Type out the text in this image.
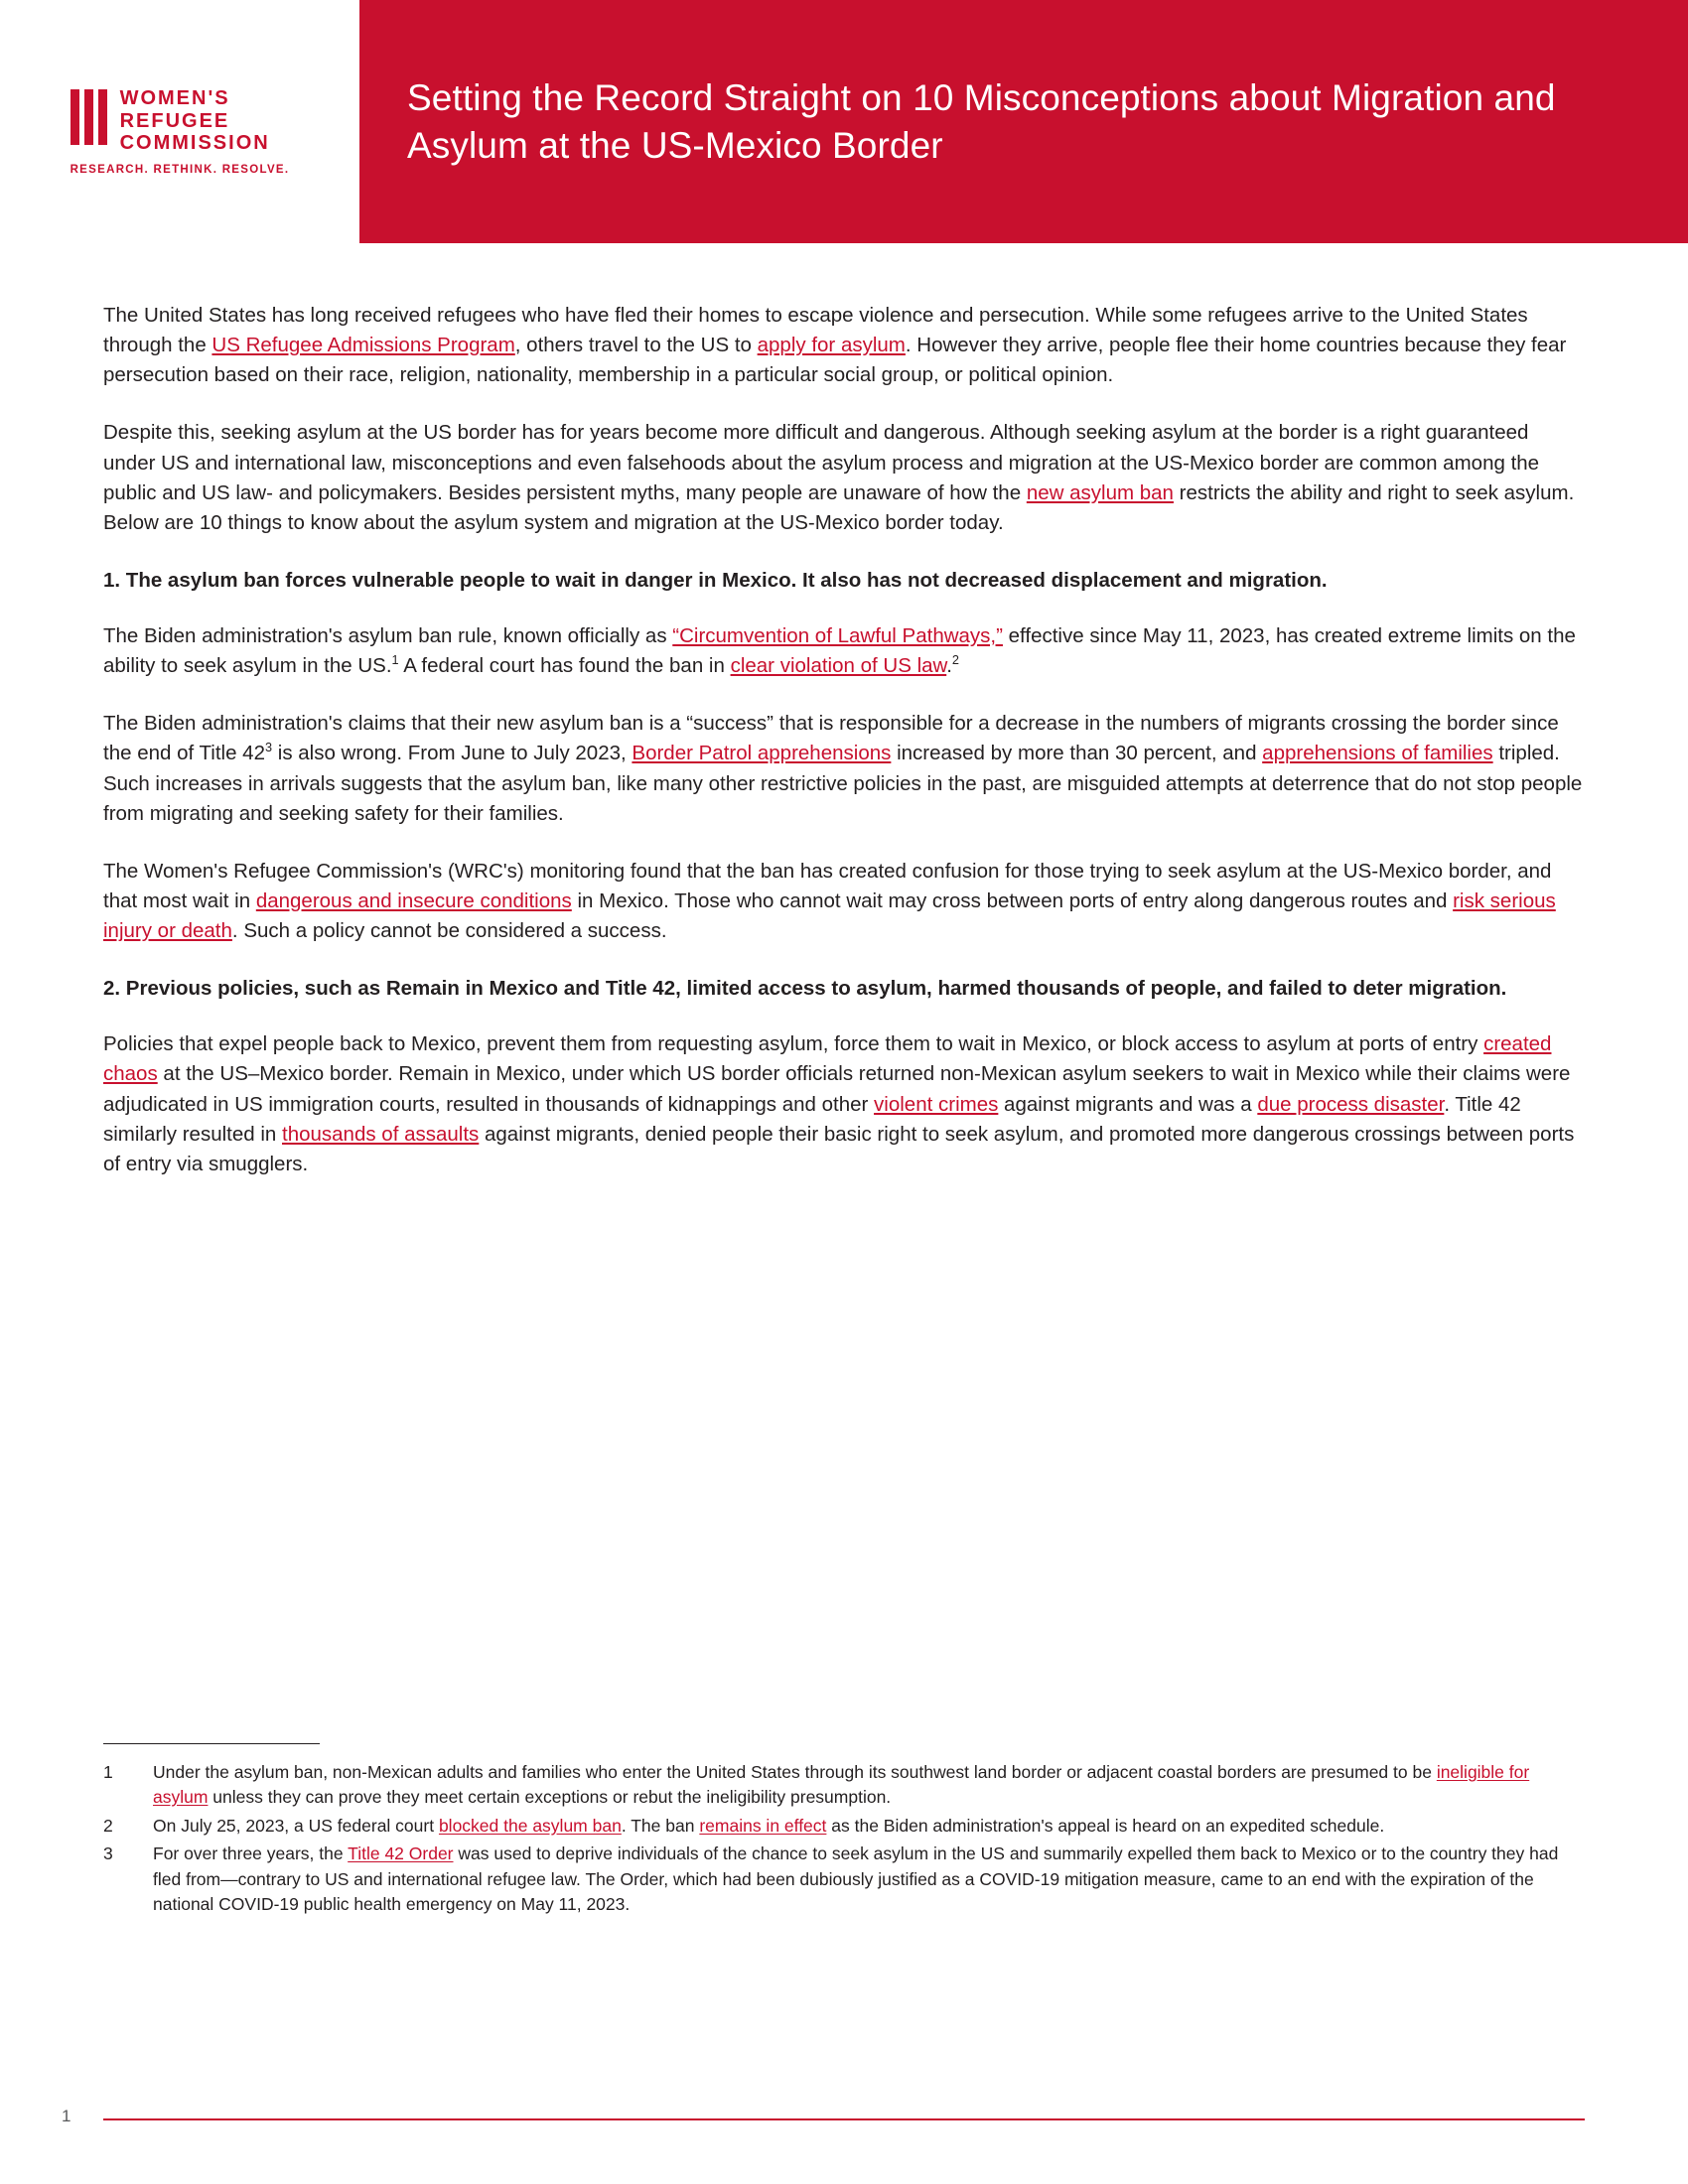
WOMEN'S
REFUGEE
COMMISSION
RESEARCH. RETHINK. RESOLVE.
Setting the Record Straight on 10 Misconceptions about Migration and Asylum at the US-Mexico Border

The United States has long received refugees who have fled their homes to escape violence and persecution. While some refugees arrive to the United States through the US Refugee Admissions Program, others travel to the US to apply for asylum. However they arrive, people flee their home countries because they fear persecution based on their race, religion, nationality, membership in a particular social group, or political opinion.

Despite this, seeking asylum at the US border has for years become more difficult and dangerous. Although seeking asylum at the border is a right guaranteed under US and international law, misconceptions and even falsehoods about the asylum process and migration at the US-Mexico border are common among the public and US law- and policymakers. Besides persistent myths, many people are unaware of how the new asylum ban restricts the ability and right to seek asylum. Below are 10 things to know about the asylum system and migration at the US-Mexico border today.

1. The asylum ban forces vulnerable people to wait in danger in Mexico. It also has not decreased displacement and migration.

The Biden administration's asylum ban rule, known officially as “Circumvention of Lawful Pathways,” effective since May 11, 2023, has created extreme limits on the ability to seek asylum in the US.$^1$ A federal court has found the ban in clear violation of US law.$^2$

The Biden administration's claims that their new asylum ban is a “success” that is responsible for a decrease in the numbers of migrants crossing the border since the end of Title $42^3$ is also wrong. From June to July 2023, Border Patrol apprehensions increased by more than 30 percent, and apprehensions of families tripled. Such increases in arrivals suggests that the asylum ban, like many other restrictive policies in the past, are misguided attempts at deterrence that do not stop people from migrating and seeking safety for their families.

The Women's Refugee Commission's (WRC's) monitoring found that the ban has created confusion for those trying to seek asylum at the US-Mexico border, and that most wait in dangerous and insecure conditions in Mexico. Those who cannot wait may cross between ports of entry along dangerous routes and risk serious injury or death. Such a policy cannot be considered a success.

2. Previous policies, such as Remain in Mexico and Title 42, limited access to asylum, harmed thousands of people, and failed to deter migration.

Policies that expel people back to Mexico, prevent them from requesting asylum, force them to wait in Mexico, or block access to asylum at ports of entry created chaos at the US–Mexico border. Remain in Mexico, under which US border officials returned non-Mexican asylum seekers to wait in Mexico while their claims were adjudicated in US immigration courts, resulted in thousands of kidnappings and other violent crimes against migrants and was a due process disaster. Title 42 similarly resulted in thousands of assaults against migrants, denied people their basic right to seek asylum, and promoted more dangerous crossings between ports of entry via smugglers.

1	Under the asylum ban, non-Mexican adults and families who enter the United States through its southwest land border or adjacent coastal borders are presumed to be ineligible for asylum unless they can prove they meet certain exceptions or rebut the ineligibility presumption.
2	On July 25, 2023, a US federal court blocked the asylum ban. The ban remains in effect as the Biden administration's appeal is heard on an expedited schedule.
3	For over three years, the Title 42 Order was used to deprive individuals of the chance to seek asylum in the US and summarily expelled them back to Mexico or to the country they had fled from—contrary to US and international refugee law. The Order, which had been dubiously justified as a COVID-19 mitigation measure, came to an end with the expiration of the national COVID-19 public health emergency on May 11, 2023.
1
